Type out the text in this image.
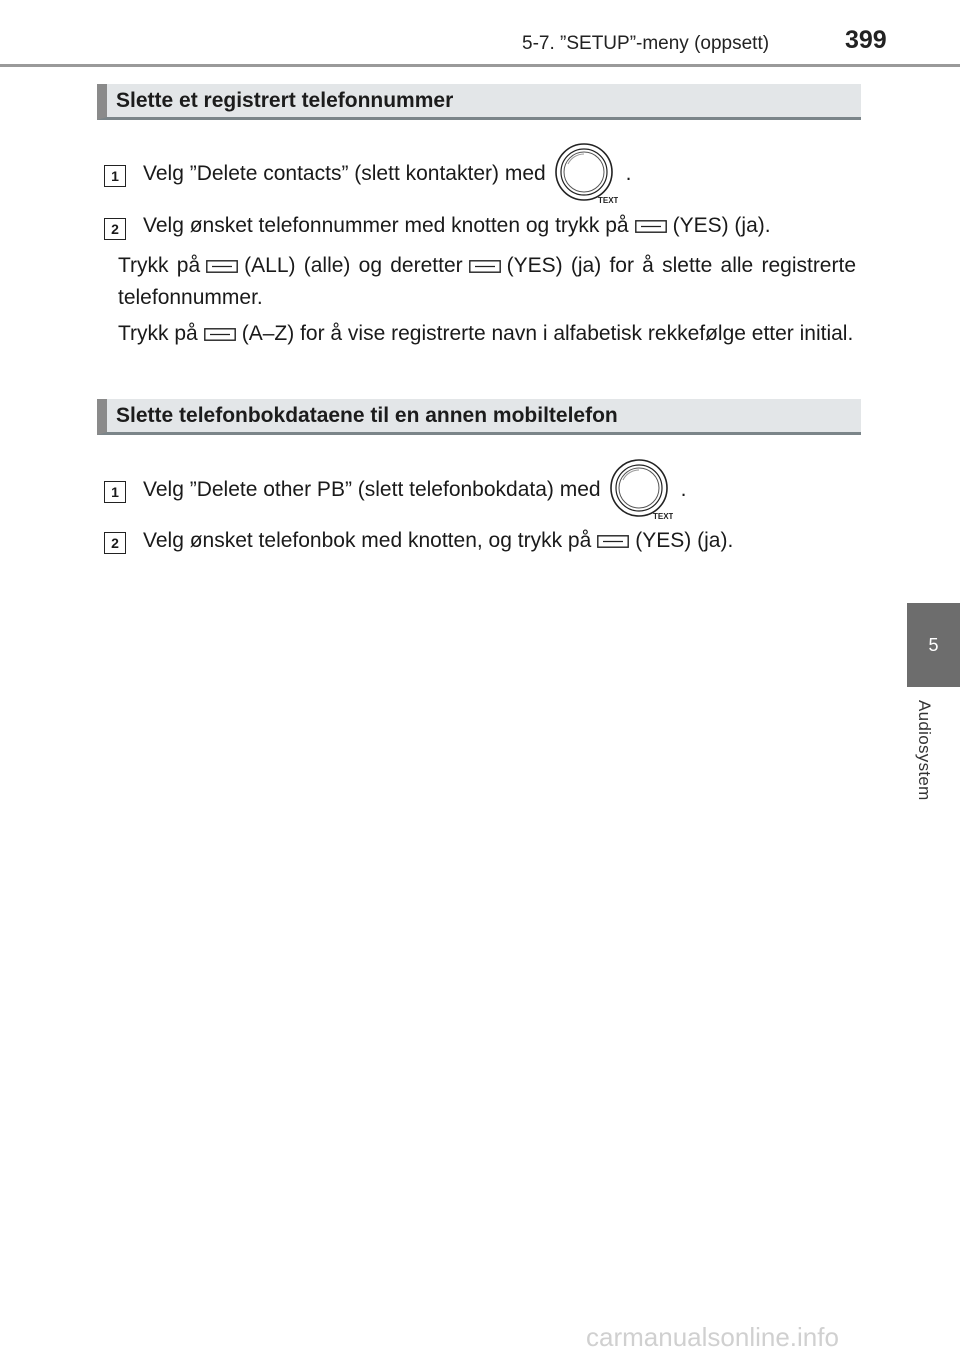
5-7. ”SETUP”-meny (oppsett)	399
5
Audiosystem
Slette et registrert telefonnummer
1	Velg ”Delete contacts” (slett kontakter) med
TEXT
.
2	Velg ønsket telefonnummer med knotten og trykk på (YES) (ja).
Trykk på (ALL) (alle) og deretter (YES) (ja) for å slette alle registrerte telefonnummer.
Trykk på (A–Z) for å vise registrerte navn i alfabetisk rekkefølge etter initial.
Slette telefonbokdataene til en annen mobiltelefon
1	Velg ”Delete other PB” (slett telefonbokdata) med
TEXT
.
2	Velg ønsket telefonbok med knotten, og trykk på (YES) (ja).
carmanualsonline.info
